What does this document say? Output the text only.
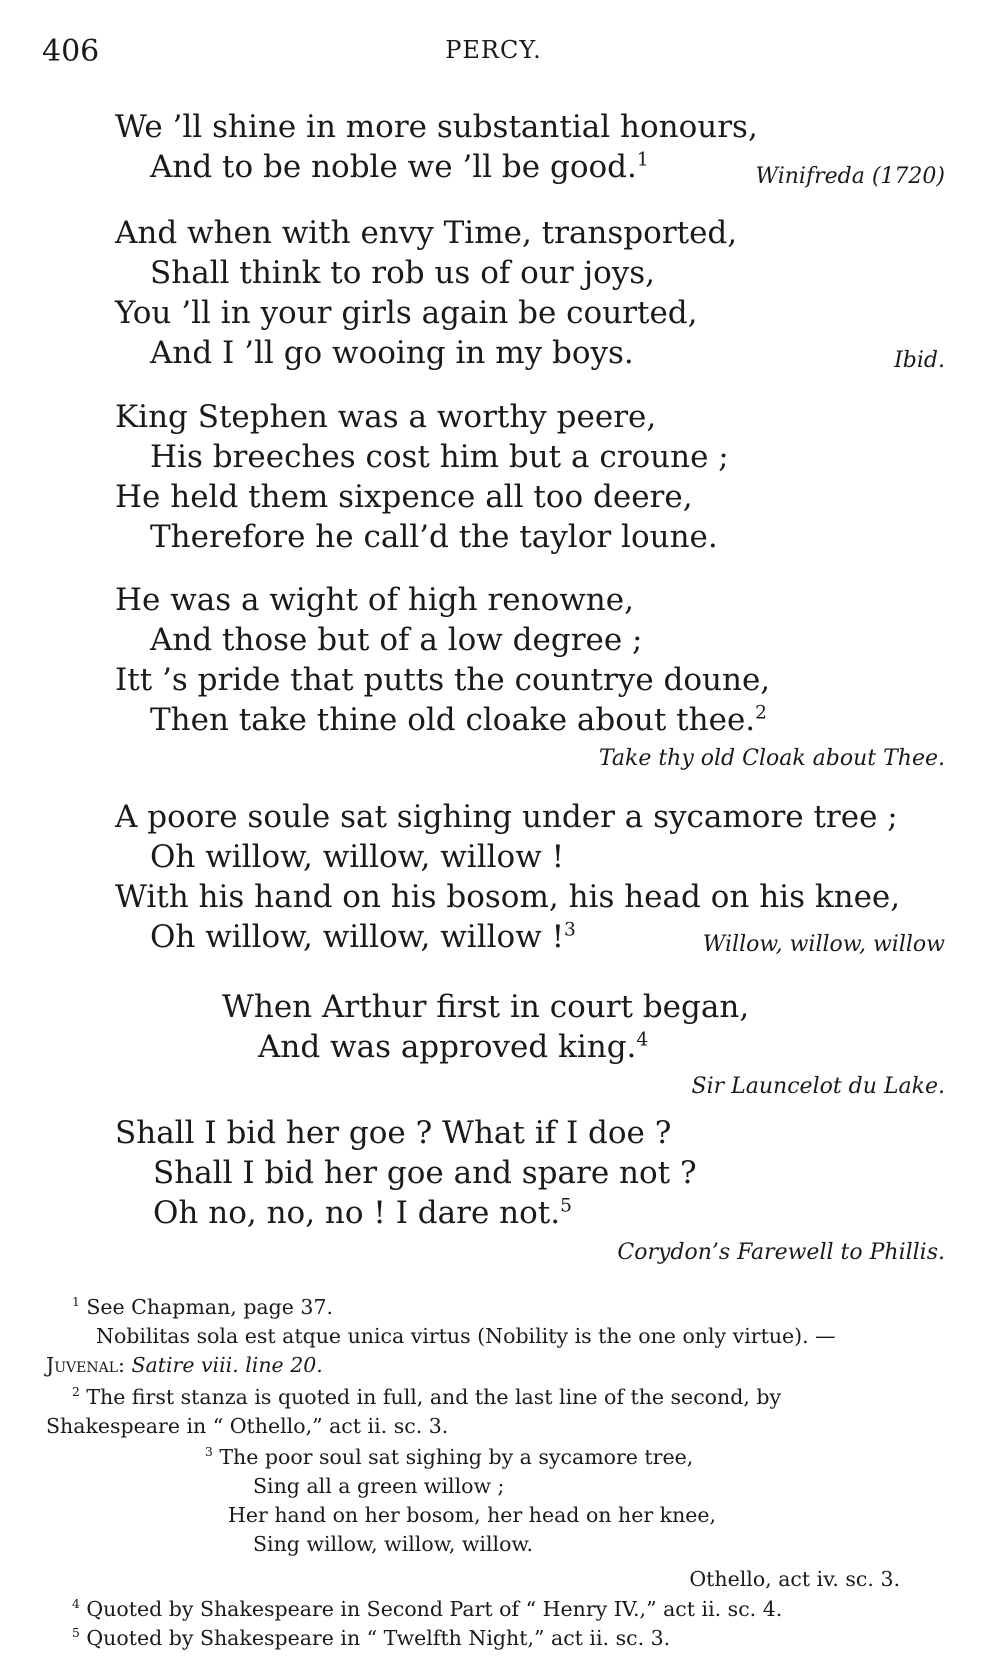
406	PERCY.
We ’ll shine in more substantial honours,
And to be noble we ’ll be good.$^1$
Winifreda (1720)
And when with envy Time, transported,
Shall think to rob us of our joys,
You ’ll in your girls again be courted,
And I ’ll go wooing in my boys.	Ibid.
King Stephen was a worthy peere,
His breeches cost him but a croune ;
He held them sixpence all too deere,
Therefore he call’d the taylor loune.
He was a wight of high renowne,
And those but of a low degree ;
Itt ’s pride that putts the countrye doune,
Then take thine old cloake about thee.$^2$
Take thy old Cloak about Thee.
A poore soule sat sighing under a sycamore tree ;
Oh willow, willow, willow !
With his hand on his bosom, his head on his knee,
Oh willow, willow, willow !$^3$
Willow, willow, willow
When Arthur first in court began,
And was approved king.$^4$
Sir Launcelot du Lake.
Shall I bid her goe ? What if I doe ?
Shall I bid her goe and spare not ?
Oh no, no, no ! I dare not.$^5$
Corydon’s Farewell to Phillis.
$^1$ See Chapman, page 37.
Nobilitas sola est atque unica virtus (Nobility is the one only virtue). —
Juvenal: Satire viii. line 20.
$^2$ The first stanza is quoted in full, and the last line of the second, by
Shakespeare in “ Othello,” act ii. sc. 3.
$^3$ The poor soul sat sighing by a sycamore tree,
Sing all a green willow ;
Her hand on her bosom, her head on her knee,
Sing willow, willow, willow.
Othello, act iv. sc. 3.
$^4$ Quoted by Shakespeare in Second Part of “ Henry IV.,” act ii. sc. 4.
$^5$ Quoted by Shakespeare in “ Twelfth Night,” act ii. sc. 3.
